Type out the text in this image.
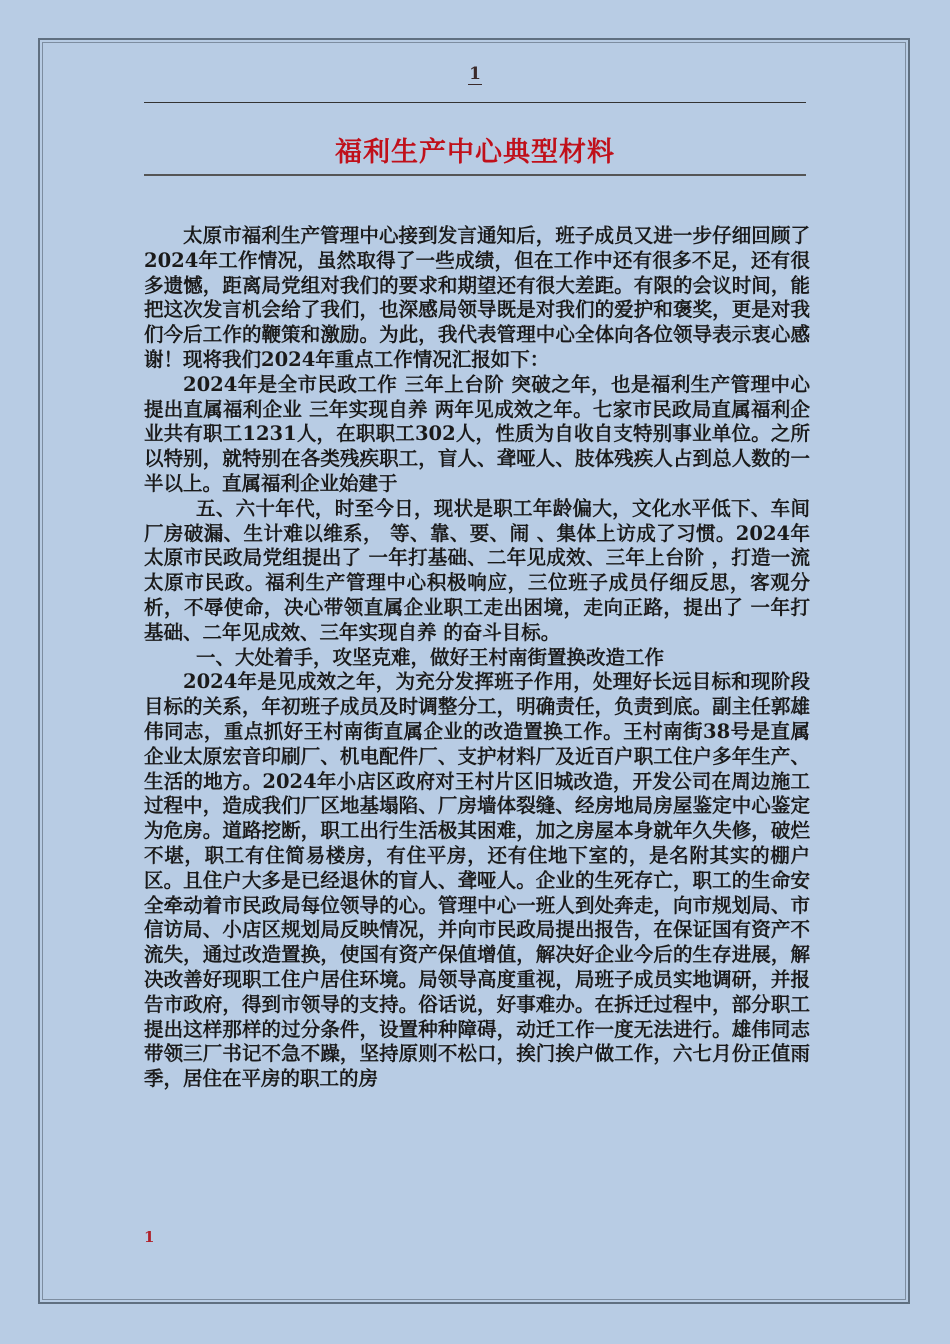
1
福利生产中心典型材料

太原市福利生产管理中心接到发言通知后，班子成员又进一步仔细回顾了2024年工作情况，虽然取得了一些成绩，但在工作中还有很多不足，还有很多遗憾，距离局党组对我们的要求和期望还有很大差距。有限的会议时间，能把这次发言机会给了我们，也深感局领导既是对我们的爱护和褒奖，更是对我们今后工作的鞭策和激励。为此，我代表管理中心全体向各位领导表示衷心感谢！现将我们2024年重点工作情况汇报如下：

2024年是全市民政工作 三年上台阶 突破之年，也是福利生产管理中心提出直属福利企业 三年实现自养 两年见成效之年。七家市民政局直属福利企业共有职工1231人，在职职工302人，性质为自收自支特别事业单位。之所以特别，就特别在各类残疾职工，盲人、聋哑人、肢体残疾人占到总人数的一半以上。直属福利企业始建于

五、六十年代，时至今日，现状是职工年龄偏大，文化水平低下、车间厂房破漏、生计难以维系， 等、靠、要、闹 、集体上访成了习惯。2024年太原市民政局党组提出了 一年打基础、二年见成效、三年上台阶 ，打造一流太原市民政。福利生产管理中心积极响应，三位班子成员仔细反思，客观分析，不辱使命，决心带领直属企业职工走出困境，走向正路，提出了 一年打基础、二年见成效、三年实现自养 的奋斗目标。

一、大处着手，攻坚克难，做好王村南街置换改造工作

2024年是见成效之年，为充分发挥班子作用，处理好长远目标和现阶段目标的关系，年初班子成员及时调整分工，明确责任，负责到底。副主任郭雄伟同志，重点抓好王村南街直属企业的改造置换工作。王村南街38号是直属企业太原宏音印刷厂、机电配件厂、支护材料厂及近百户职工住户多年生产、生活的地方。2024年小店区政府对王村片区旧城改造，开发公司在周边施工过程中，造成我们厂区地基塌陷、厂房墙体裂缝、经房地局房屋鉴定中心鉴定为危房。道路挖断，职工出行生活极其困难，加之房屋本身就年久失修，破烂不堪，职工有住简易楼房，有住平房，还有住地下室的，是名附其实的棚户区。且住户大多是已经退休的盲人、聋哑人。企业的生死存亡，职工的生命安全牵动着市民政局每位领导的心。管理中心一班人到处奔走，向市规划局、市信访局、小店区规划局反映情况，并向市民政局提出报告，在保证国有资产不流失，通过改造置换，使国有资产保值增值，解决好企业今后的生存进展，解决改善好现职工住户居住环境。局领导高度重视，局班子成员实地调研，并报告市政府，得到市领导的支持。俗话说，好事难办。在拆迁过程中，部分职工提出这样那样的过分条件，设置种种障碍，动迁工作一度无法进行。雄伟同志带领三厂书记不急不躁，坚持原则不松口，挨门挨户做工作，六七月份正值雨季，居住在平房的职工的房

1
